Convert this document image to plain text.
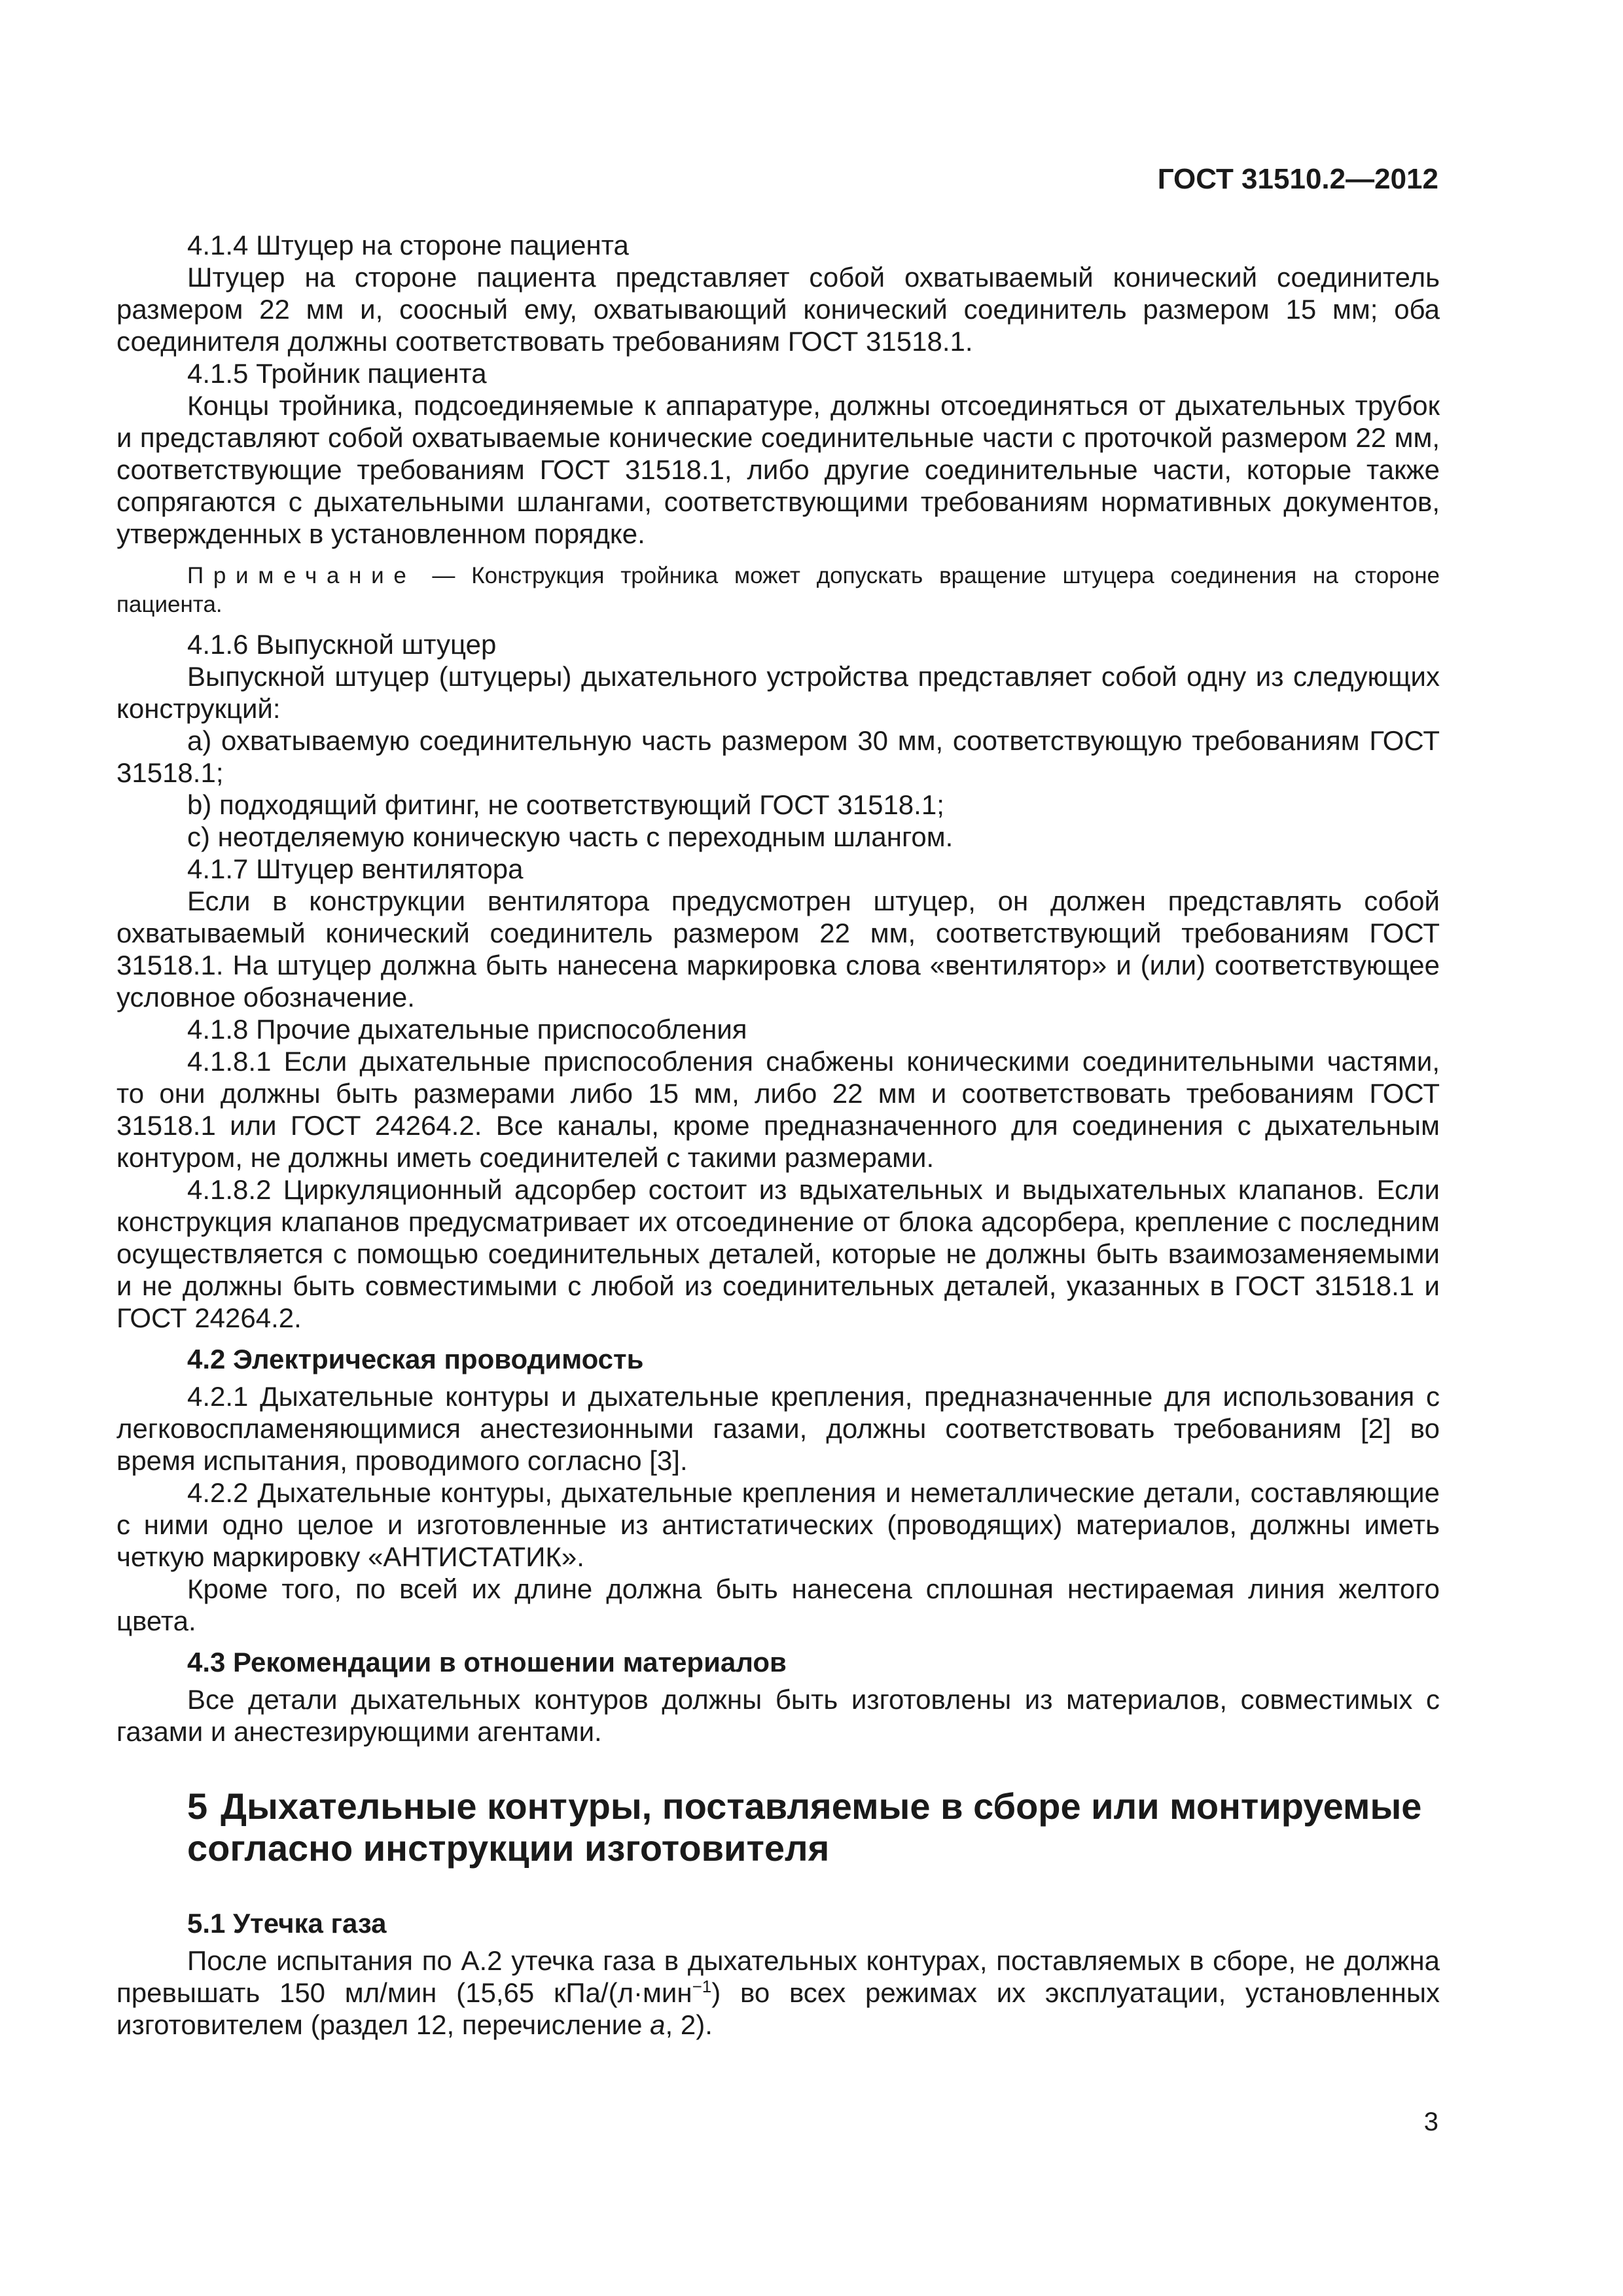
ГОСТ 31510.2—2012

4.1.4 Штуцер на стороне пациента

Штуцер на стороне пациента представляет собой охватываемый конический соединитель размером 22 мм и, соосный ему, охватывающий конический соединитель размером 15 мм; оба соединителя должны соответствовать требованиям ГОСТ 31518.1.

4.1.5 Тройник пациента

Концы тройника, подсоединяемые к аппаратуре, должны отсоединяться от дыхательных трубок и представляют собой охватываемые конические соединительные части с проточкой размером 22 мм, соответствующие требованиям ГОСТ 31518.1, либо другие соединительные части, которые также сопрягаются с дыхательными шлангами, соответствующими требованиям нормативных документов, утвержденных в установленном порядке.

Примечание — Конструкция тройника может допускать вращение штуцера соединения на стороне пациента.

4.1.6 Выпускной штуцер

Выпускной штуцер (штуцеры) дыхательного устройства представляет собой одну из следующих конструкций:

а) охватываемую соединительную часть размером 30 мм, соответствующую требованиям ГОСТ 31518.1;

b) подходящий фитинг, не соответствующий ГОСТ 31518.1;

c) неотделяемую коническую часть с переходным шлангом.

4.1.7 Штуцер вентилятора

Если в конструкции вентилятора предусмотрен штуцер, он должен представлять собой охватываемый конический соединитель размером 22 мм, соответствующий требованиям ГОСТ 31518.1. На штуцер должна быть нанесена маркировка слова «вентилятор» и (или) соответствующее условное обозначение.

4.1.8 Прочие дыхательные приспособления

4.1.8.1 Если дыхательные приспособления снабжены коническими соединительными частями, то они должны быть размерами либо 15 мм, либо 22 мм и соответствовать требованиям ГОСТ 31518.1 или ГОСТ 24264.2. Все каналы, кроме предназначенного для соединения с дыхательным контуром, не должны иметь соединителей с такими размерами.

4.1.8.2 Циркуляционный адсорбер состоит из вдыхательных и выдыхательных клапанов. Если конструкция клапанов предусматривает их отсоединение от блока адсорбера, крепление с последним осуществляется с помощью соединительных деталей, которые не должны быть взаимозаменяемыми и не должны быть совместимыми с любой из соединительных деталей, указанных в ГОСТ 31518.1 и ГОСТ 24264.2.

4.2 Электрическая проводимость

4.2.1 Дыхательные контуры и дыхательные крепления, предназначенные для использования с легковоспламеняющимися анестезионными газами, должны соответствовать требованиям [2] во время испытания, проводимого согласно [3].

4.2.2 Дыхательные контуры, дыхательные крепления и неметаллические детали, составляющие с ними одно целое и изготовленные из антистатических (проводящих) материалов, должны иметь четкую маркировку «АНТИСТАТИК».

Кроме того, по всей их длине должна быть нанесена сплошная нестираемая линия желтого цвета.

4.3 Рекомендации в отношении материалов

Все детали дыхательных контуров должны быть изготовлены из материалов, совместимых с газами и анестезирующими агентами.

5 Дыхательные контуры, поставляемые в сборе или монтируемые согласно инструкции изготовителя

5.1 Утечка газа

После испытания по А.2 утечка газа в дыхательных контурах, поставляемых в сборе, не должна превышать 150 мл/мин (15,65 кПа/(л·мин$^{-1}$) во всех режимах их эксплуатации, установленных изготовителем (раздел 12, перечисление а, 2).

3
